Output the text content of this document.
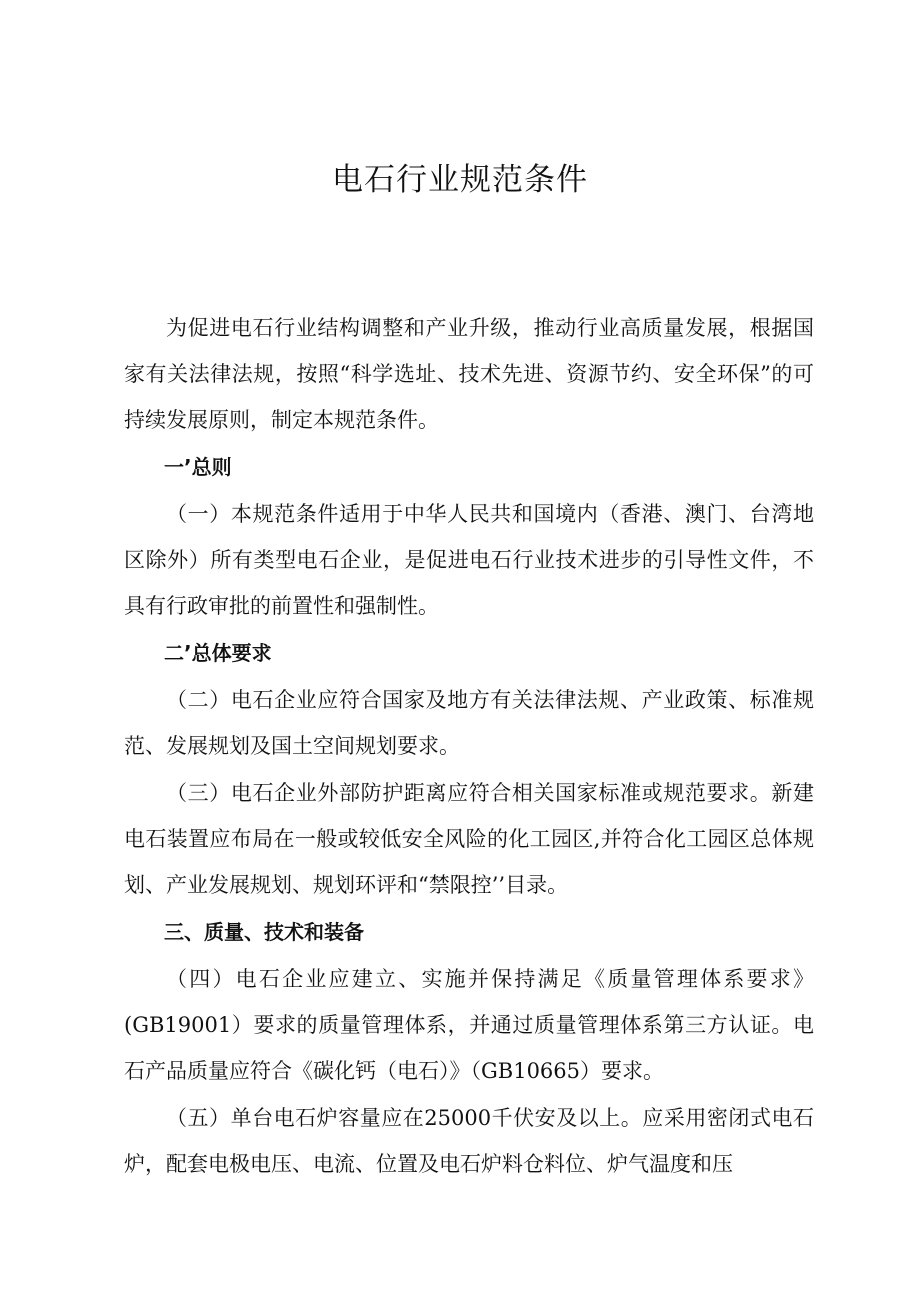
电石行业规范条件

为促进电石行业结构调整和产业升级，推动行业高质量发展，根据国家有关法律法规，按照“科学选址、技术先进、资源节约、安全环保”的可持续发展原则，制定本规范条件。

一’总则

（一）本规范条件适用于中华人民共和国境内（香港、澳门、台湾地区除外）所有类型电石企业，是促进电石行业技术进步的引导性文件，不具有行政审批的前置性和强制性。

二’总体要求

（二）电石企业应符合国家及地方有关法律法规、产业政策、标准规范、发展规划及国土空间规划要求。

（三）电石企业外部防护距离应符合相关国家标准或规范要求。新建电石装置应布局在一般或较低安全风险的化工园区,并符合化工园区总体规划、产业发展规划、规划环评和“禁限控’’目录。

三、质量、技术和装备

（四）电石企业应建立、实施并保持满足《质量管理体系要求》(GB19001）要求的质量管理体系，并通过质量管理体系第三方认证。电石产品质量应符合《碳化钙（电石）》（GB10665）要求。

（五）单台电石炉容量应在25000千伏安及以上。应采用密闭式电石炉，配套电极电压、电流、位置及电石炉料仓料位、炉气温度和压
